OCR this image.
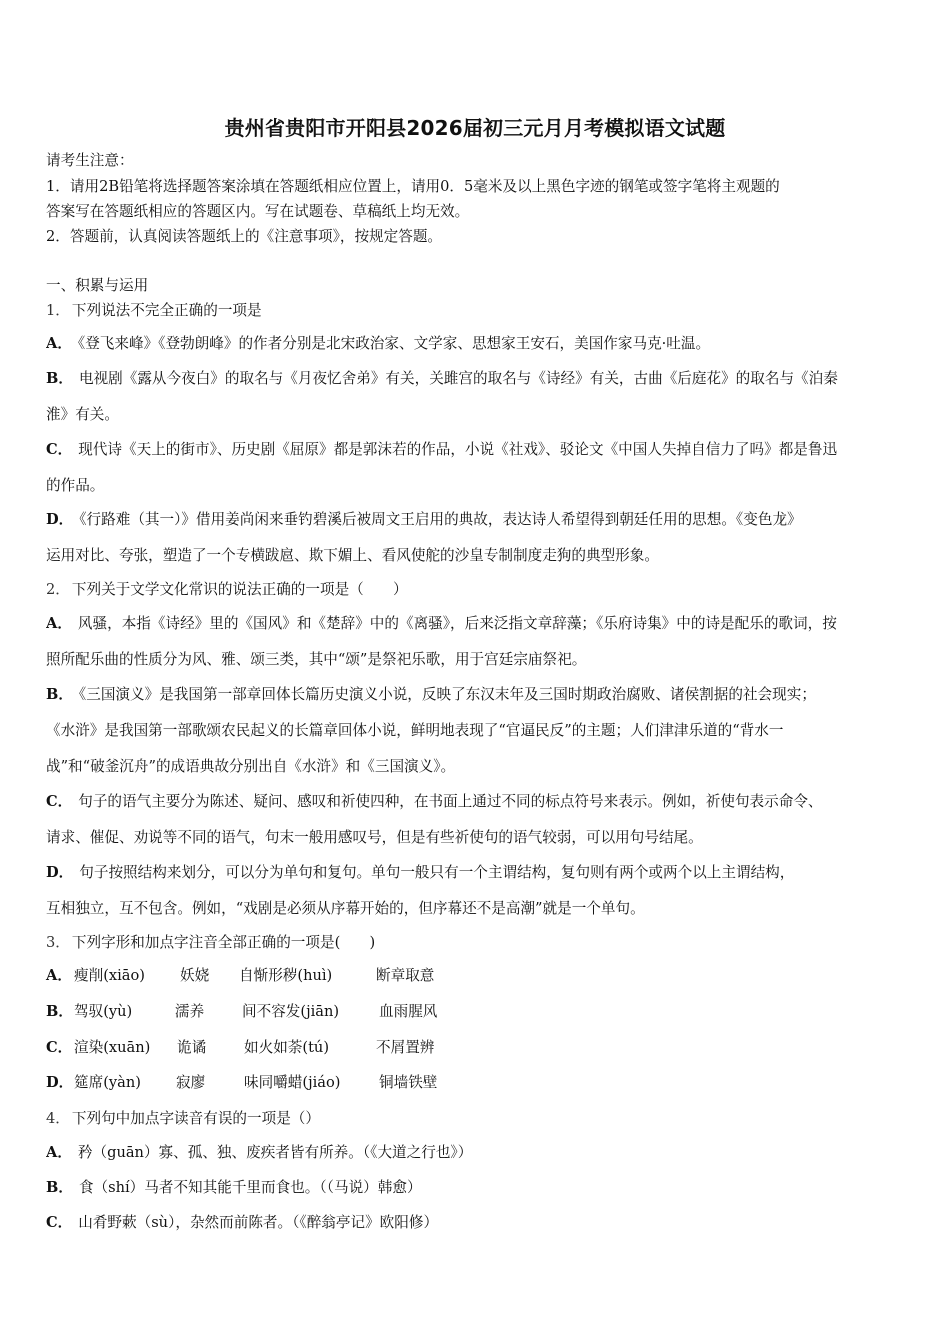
贵州省贵阳市开阳县2026届初三元月月考模拟语文试题
请考生注意：
1．请用2B铅笔将选择题答案涂填在答题纸相应位置上，请用0．5毫米及以上黑色字迹的钢笔或签字笔将主观题的
答案写在答题纸相应的答题区内。写在试题卷、草稿纸上均无效。
2．答题前，认真阅读答题纸上的《注意事项》，按规定答题。
一、积累与运用
1． 下列说法不完全正确的一项是
A． 《登飞来峰》《登勃朗峰》的作者分别是北宋政治家、文学家、思想家王安石，美国作家马克·吐温。
B． 电视剧《露从今夜白》的取名与《月夜忆舍弟》有关，关雎宫的取名与《诗经》有关，古曲《后庭花》的取名与《泊秦
淮》有关。
C． 现代诗《天上的街市》、历史剧《屈原》都是郭沫若的作品，小说《社戏》、驳论文《中国人失掉自信力了吗》都是鲁迅
的作品。
D． 《行路难（其一）》借用姜尚闲来垂钓碧溪后被周文王启用的典故，表达诗人希望得到朝廷任用的思想。《变色龙》
运用对比、夸张，塑造了一个专横跋扈、欺下媚上、看风使舵的沙皇专制制度走狗的典型形象。
2． 下列关于文学文化常识的说法正确的一项是（　　）
A． 风骚，本指《诗经》里的《国风》和《楚辞》中的《离骚》，后来泛指文章辞藻；《乐府诗集》中的诗是配乐的歌词，按
照所配乐曲的性质分为风、雅、颂三类，其中“颂”是祭祀乐歌，用于宫廷宗庙祭祀。
B． 《三国演义》是我国第一部章回体长篇历史演义小说，反映了东汉末年及三国时期政治腐败、诸侯割据的社会现实；
《水浒》是我国第一部歌颂农民起义的长篇章回体小说，鲜明地表现了“官逼民反”的主题；人们津津乐道的“背水一
战”和“破釜沉舟”的成语典故分别出自《水浒》和《三国演义》。
C． 句子的语气主要分为陈述、疑问、感叹和祈使四种，在书面上通过不同的标点符号来表示。例如，祈使句表示命令、
请求、催促、劝说等不同的语气，句末一般用感叹号，但是有些祈使句的语气较弱，可以用句号结尾。
D． 句子按照结构来划分，可以分为单句和复句。单句一般只有一个主谓结构，复句则有两个或两个以上主谓结构，
互相独立，互不包含。例如，“戏剧是必须从序幕开始的，但序幕还不是高潮”就是一个单句。
3． 下列字形和加点字注音全部正确的一项是(　　)
A． 瘦削(xiāo) 妖娆 自惭形秽(huì)	断章取意
B． 驾驭(yù)	濡养	间不容发(jiān)	血雨腥风
C． 渲染(xuān) 诡谲	如火如荼(tú)	不屑置辨
D． 筵席(yàn) 寂廖	味同嚼蜡(jiáo)	铜墙铁壁
4． 下列句中加点字读音有误的一项是（）
A． 矜（guān）寡、孤、独、废疾者皆有所养。（《大道之行也》）
B． 食（shí）马者不知其能千里而食也。（（马说）韩愈）
C． 山肴野蔌（sù），杂然而前陈者。（《醉翁亭记》欧阳修）
